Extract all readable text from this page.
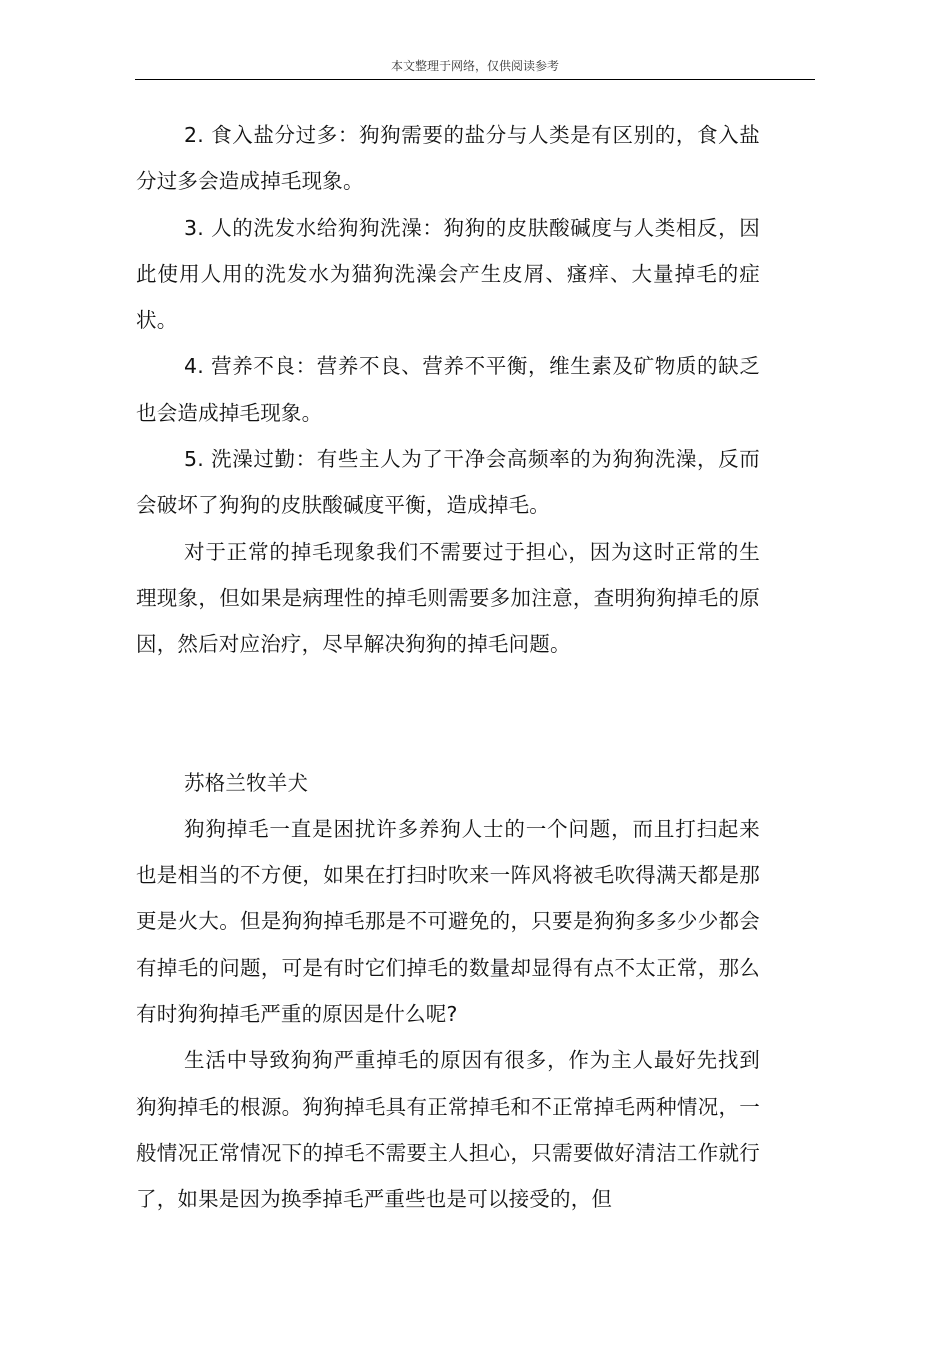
本文整理于网络，仅供阅读参考

2. 食入盐分过多：狗狗需要的盐分与人类是有区别的，食入盐分过多会造成掉毛现象。

3. 人的洗发水给狗狗洗澡：狗狗的皮肤酸碱度与人类相反，因此使用人用的洗发水为猫狗洗澡会产生皮屑、瘙痒、大量掉毛的症状。

4. 营养不良：营养不良、营养不平衡，维生素及矿物质的缺乏也会造成掉毛现象。

5. 洗澡过勤：有些主人为了干净会高频率的为狗狗洗澡，反而会破坏了狗狗的皮肤酸碱度平衡，造成掉毛。

对于正常的掉毛现象我们不需要过于担心，因为这时正常的生理现象，但如果是病理性的掉毛则需要多加注意，查明狗狗掉毛的原因，然后对应治疗，尽早解决狗狗的掉毛问题。

苏格兰牧羊犬

狗狗掉毛一直是困扰许多养狗人士的一个问题，而且打扫起来也是相当的不方便，如果在打扫时吹来一阵风将被毛吹得满天都是那更是火大。但是狗狗掉毛那是不可避免的，只要是狗狗多多少少都会有掉毛的问题，可是有时它们掉毛的数量却显得有点不太正常，那么有时狗狗掉毛严重的原因是什么呢?

生活中导致狗狗严重掉毛的原因有很多，作为主人最好先找到狗狗掉毛的根源。狗狗掉毛具有正常掉毛和不正常掉毛两种情况，一般情况正常情况下的掉毛不需要主人担心，只需要做好清洁工作就行了，如果是因为换季掉毛严重些也是可以接受的，但
